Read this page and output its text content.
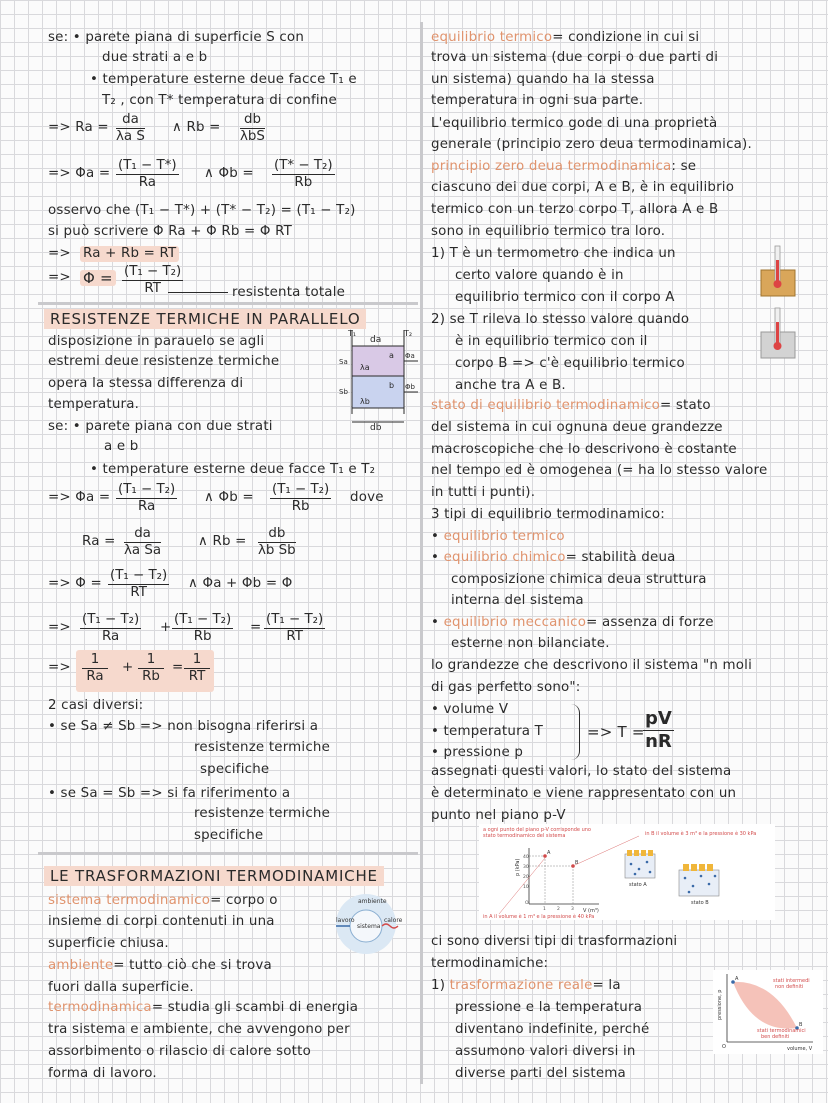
se: • parete piana di superficie S con
due strati a e b
• temperature esterne deue facce T₁ e
T₂ , con T* temperatura di confine
=> $Ra = \frac{da}{\text{λa S}}$ ∧ Rb =
db
λbS
=> $\Phi a = \frac{\text{(T₁ − T*)}}{Ra}$ ∧ $\Phi b = \frac{\text{(T* − T₂)}}{Rb}$
osservo che (T₁ − T*) + (T* − T₂) = (T₁ − T₂)
si può scrivere Φ Ra + Φ Rb = Φ RT
=> Ra + Rb = RT
=> $\Phi = \frac{\text{(T₁ − T₂)}}{RT}$	resistenta totale
RESISTENZE TERMICHE IN PARALLELO
disposizione in parauelo se agli
estremi deue resistenze termiche
opera la stessa differenza di
temperatura.
T₁	T₂
da
a
λa
b
λb
db
Sa
Sb
Φa
Φb
se: • parete piana con due strati
a e b
• temperature esterne deue facce T₁ e T₂
=> $\Phi a = \frac{\text{(T₁ − T₂)}}{Ra}$ ∧ $\Phi b = \frac{\text{(T₁ − T₂)}}{Rb}$ dove
$Ra = \frac{da}{\text{λa Sa}}$	∧ $Rb = \frac{db}{\text{λb Sb}}$
=> $\Phi = \frac{\text{(T₁ − T₂)}}{RT}$ ∧ Φa + Φb = Φ
=> $\frac{\text{(T₁ − T₂)}}{Ra} + \frac{\text{(T₁ − T₂)}}{Rb} = \frac{\text{(T₁ − T₂)}}{RT}$
=> $\frac{1}{Ra} + \frac{1}{Rb} = \frac{1}{RT}$
2 casi diversi:
• se Sa ≠ Sb => non bisogna riferirsi a
resistenze termiche
specifiche
• se Sa = Sb => si fa riferimento a
resistenze termiche
specifiche
LE TRASFORMAZIONI TERMODINAMICHE
sistema termodinamico= corpo o
insieme di corpi contenuti in una
superficie chiusa.
ambiente= tutto ciò che si trova
fuori dalla superficie.
termodinamica= studia gli scambi di energia
tra sistema e ambiente, che avvengono per
assorbimento o rilascio di calore sotto
forma di lavoro.
ambiente
lavoro
sistema
calore
equilibrio termico= condizione in cui si
trova un sistema (due corpi o due parti di
un sistema) quando ha la stessa
temperatura in ogni sua parte.
L'equilibrio termico gode di una proprietà
generale (principio zero deua termodinamica).
principio zero deua termodinamica: se
ciascuno dei due corpi, A e B, è in equilibrio
termico con un terzo corpo T, allora A e B
sono in equilibrio termico tra loro.
1) T è un termometro che indica un
certo valore quando è in
equilibrio termico con il corpo A
2) se T rileva lo stesso valore quando
è in equilibrio termico con il
corpo B => c'è equilibrio termico
anche tra A e B.
stato di equilibrio termodinamico= stato
del sistema in cui ognuna deue grandezze
macroscopiche che lo descrivono è costante
nel tempo ed è omogenea (= ha lo stesso valore
in tutti i punti).
3 tipi di equilibrio termodinamico:
• equilibrio termico
• equilibrio chimico= stabilità deua
composizione chimica deua struttura
interna del sistema
• equilibrio meccanico= assenza di forze
esterne non bilanciate.
lo grandezze che descrivono il sistema "n moli
di gas perfetto sono":
• volume V
• temperatura T
• pressione p
=> T =
$\frac{pV}{nR}$
assegnati questi valori, lo stato del sistema
è determinato e viene rappresentato con un
punto nel piano p-V
a ogni punto del piano p-V corrisponde uno
stato termodinamico del sistema	in B il volume è 3 m³ e la pressione è 30 kPa
p (kPa)
V (m³)
40
30
20
10
O
1 2 3
A
B
stato A
stato B
in A il volume è 1 m³ e la pressione è 40 kPa
ci sono diversi tipi di trasformazioni
termodinamiche:
1) trasformazione reale= la
pressione e la temperatura
diventano indefinite, perché
assumono valori diversi in
diverse parti del sistema
A
B
stati intermedi
non definiti
stati termodinamici
ben definiti
pressione, p
volume, V
O
